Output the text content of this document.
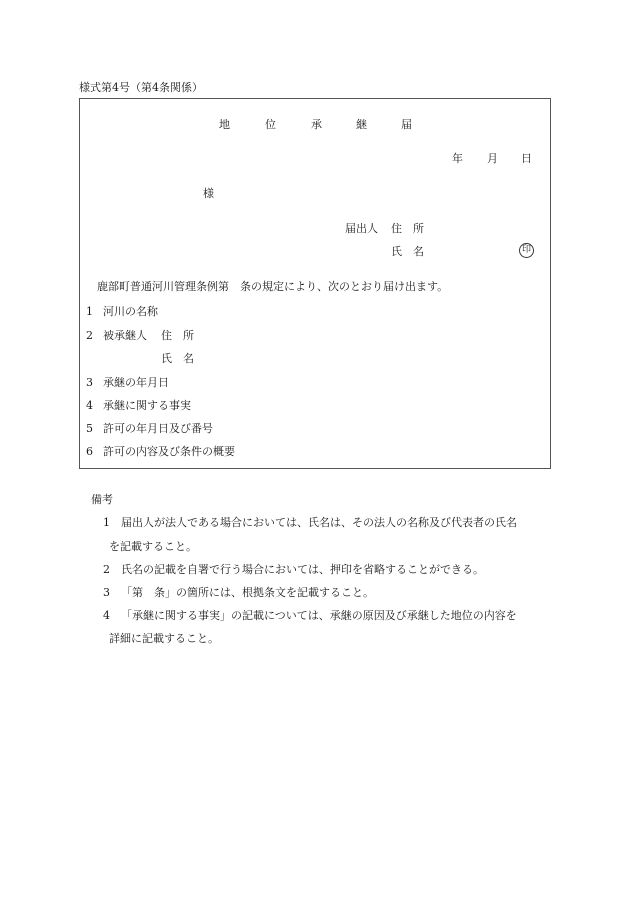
様式第4号（第4条関係）
地	位	承	継	届
年 月 日
様
届出人 住　所
氏　名	印
鹿部町普通河川管理条例第　条の規定により、次のとおり届け出ます。
1 河川の名称
2 被承継人 住　所
氏　名
3 承継の年月日
4 承継に関する事実
5 許可の年月日及び番号
6 許可の内容及び条件の概要
備考
1 届出人が法人である場合においては、氏名は、その法人の名称及び代表者の氏名
を記載すること。
2 氏名の記載を自署で行う場合においては、押印を省略することができる。
3 「第　条」の箇所には、根拠条文を記載すること。
4 「承継に関する事実」の記載については、承継の原因及び承継した地位の内容を
詳細に記載すること。
